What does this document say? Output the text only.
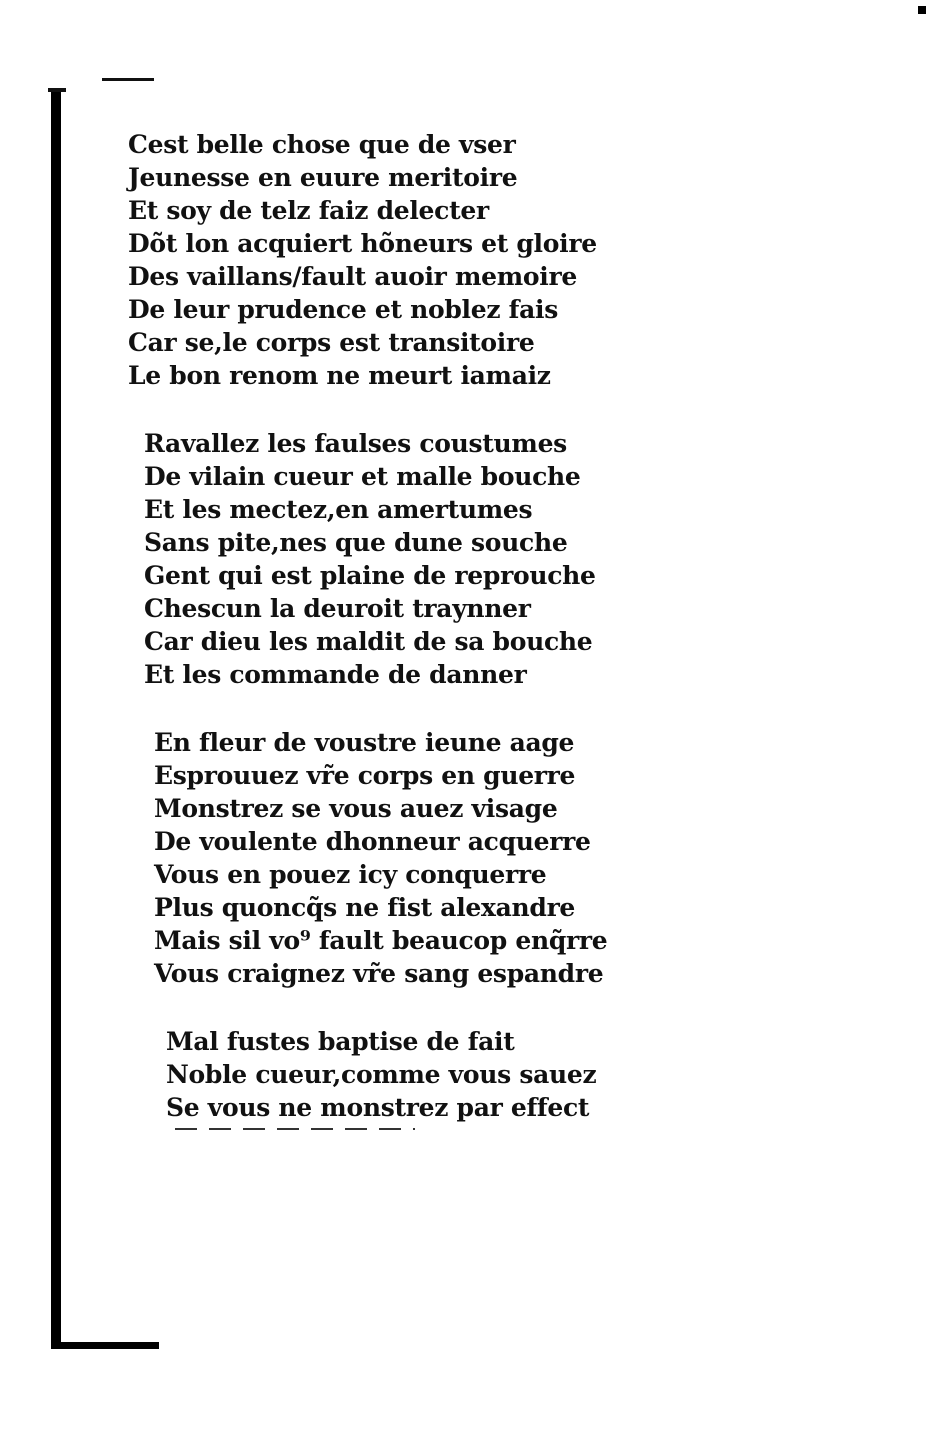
Cest belle chose que de vser
Jeunesse en euure meritoire
Et soy de telz faiz delecter
Dõt lon acquiert hõneurs et gloire
Des vaillans/fault auoir memoire
De leur prudence et noblez fais
Car se,le corps est transitoire
Le bon renom ne meurt iamaiz
Ravallez les faulses coustumes
De vilain cueur et malle bouche
Et les mectez,en amertumes
Sans pite,nes que dune souche
Gent qui est plaine de reprouche
Chescun la deuroit traynner
Car dieu les maldit de sa bouche
Et les commande de danner
En fleur de voustre ieune aage
Esprouuez vr̃e corps en guerre
Monstrez se vous auez visage
De voulente dhonneur acquerre
Vous en pouez icy conquerre
Plus quoncq̃s ne fist alexandre
Mais sil vo⁹ fault beaucop enq̃rre
Vous craignez vr̃e sang espandre
Mal fustes baptise de fait
Noble cueur,comme vous sauez
Se vous ne monstrez par effect
